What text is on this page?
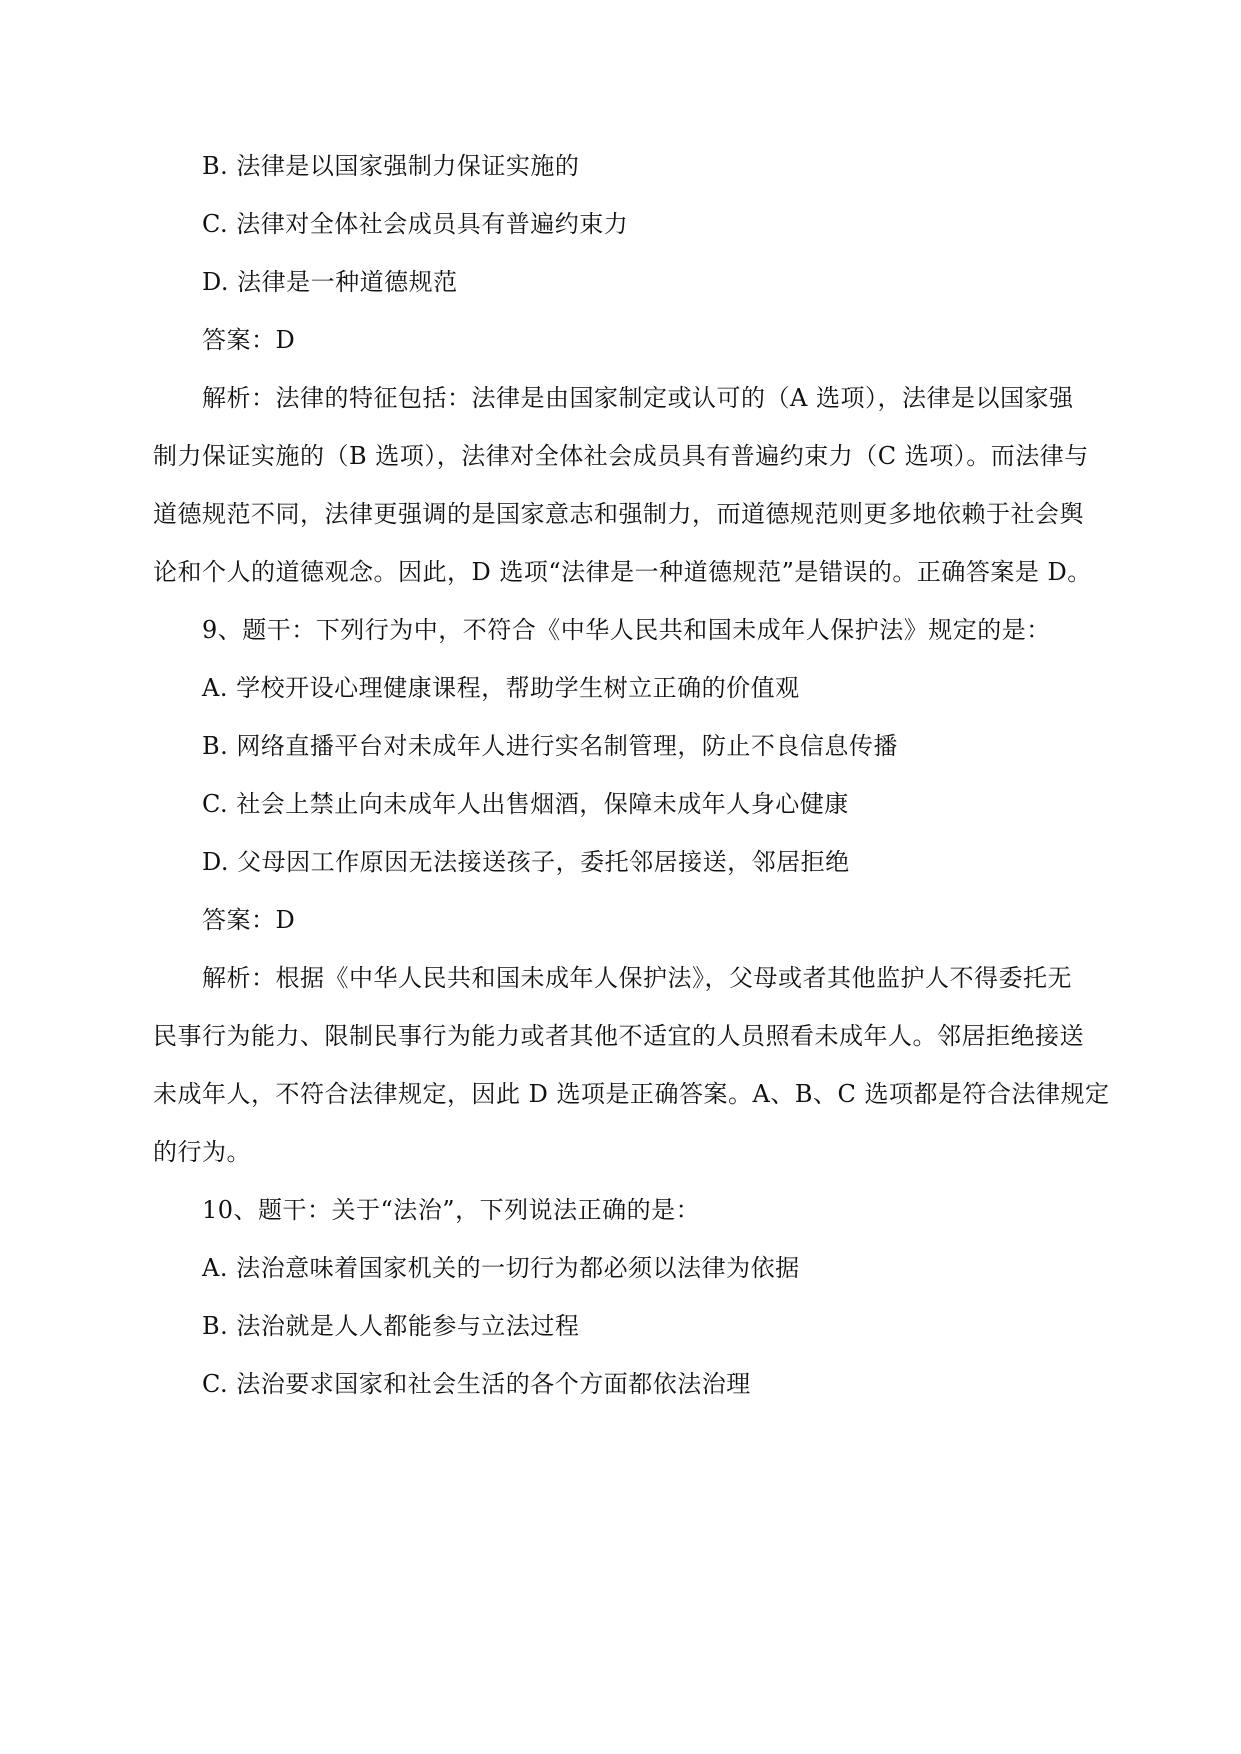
B. 法律是以国家强制力保证实施的
C. 法律对全体社会成员具有普遍约束力
D. 法律是一种道德规范
答案：D
解析：法律的特征包括：法律是由国家制定或认可的（A 选项），法律是以国家强
制力保证实施的（B 选项），法律对全体社会成员具有普遍约束力（C 选项）。而法律与
道德规范不同，法律更强调的是国家意志和强制力，而道德规范则更多地依赖于社会舆
论和个人的道德观念。因此，D 选项“法律是一种道德规范”是错误的。正确答案是 D。
9、题干：下列行为中，不符合《中华人民共和国未成年人保护法》规定的是：
A. 学校开设心理健康课程，帮助学生树立正确的价值观
B. 网络直播平台对未成年人进行实名制管理，防止不良信息传播
C. 社会上禁止向未成年人出售烟酒，保障未成年人身心健康
D. 父母因工作原因无法接送孩子，委托邻居接送，邻居拒绝
答案：D
解析：根据《中华人民共和国未成年人保护法》，父母或者其他监护人不得委托无
民事行为能力、限制民事行为能力或者其他不适宜的人员照看未成年人。邻居拒绝接送
未成年人，不符合法律规定，因此 D 选项是正确答案。A、B、C 选项都是符合法律规定
的行为。
10、题干：关于“法治”，下列说法正确的是：
A. 法治意味着国家机关的一切行为都必须以法律为依据
B. 法治就是人人都能参与立法过程
C. 法治要求国家和社会生活的各个方面都依法治理
